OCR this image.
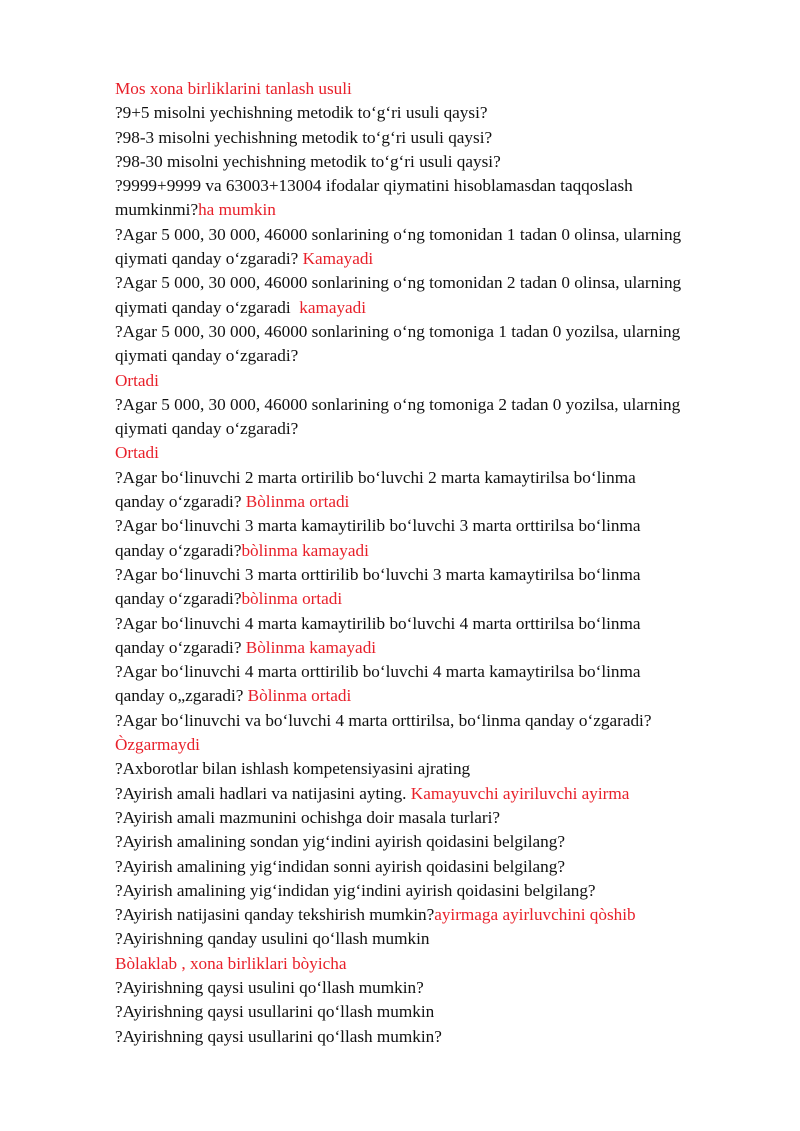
Mos xona birliklarini tanlash usuli
?9+5 misolni yechishning metodik to‘g‘ri usuli qaysi?
?98-3 misolni yechishning metodik to‘g‘ri usuli qaysi?
?98-30 misolni yechishning metodik to‘g‘ri usuli qaysi?
?9999+9999 va 63003+13004 ifodalar qiymatini hisoblamasdan taqqoslash
mumkinmi?ha mumkin
?Agar 5 000, 30 000, 46000 sonlarining o‘ng tomonidan 1 tadan 0 olinsa, ularning
qiymati qanday o‘zgaradi? Kamayadi
?Agar 5 000, 30 000, 46000 sonlarining o‘ng tomonidan 2 tadan 0 olinsa, ularning
qiymati qanday o‘zgaradi  kamayadi
?Agar 5 000, 30 000, 46000 sonlarining o‘ng tomoniga 1 tadan 0 yozilsa, ularning
qiymati qanday o‘zgaradi?
Ortadi
?Agar 5 000, 30 000, 46000 sonlarining o‘ng tomoniga 2 tadan 0 yozilsa, ularning
qiymati qanday o‘zgaradi?
Ortadi
?Agar bo‘linuvchi 2 marta ortirilib bo‘luvchi 2 marta kamaytirilsa bo‘linma
qanday o‘zgaradi? Bòlinma ortadi
?Agar bo‘linuvchi 3 marta kamaytirilib bo‘luvchi 3 marta orttirilsa bo‘linma
qanday o‘zgaradi?bòlinma kamayadi
?Agar bo‘linuvchi 3 marta orttirilib bo‘luvchi 3 marta kamaytirilsa bo‘linma
qanday o‘zgaradi?bòlinma ortadi
?Agar bo‘linuvchi 4 marta kamaytirilib bo‘luvchi 4 marta orttirilsa bo‘linma
qanday o‘zgaradi? Bòlinma kamayadi
?Agar bo‘linuvchi 4 marta orttirilib bo‘luvchi 4 marta kamaytirilsa bo‘linma
qanday o„zgaradi? Bòlinma ortadi
?Agar bo‘linuvchi va bo‘luvchi 4 marta orttirilsa, bo‘linma qanday o‘zgaradi?
Òzgarmaydi
?Axborotlar bilan ishlash kompetensiyasini ajrating
?Ayirish amali hadlari va natijasini ayting. Kamayuvchi ayiriluvchi ayirma
?Ayirish amali mazmunini ochishga doir masala turlari?
?Ayirish amalining sondan yig‘indini ayirish qoidasini belgilang?
?Ayirish amalining yig‘indidan sonni ayirish qoidasini belgilang?
?Ayirish amalining yig‘indidan yig‘indini ayirish qoidasini belgilang?
?Ayirish natijasini qanday tekshirish mumkin?ayirmaga ayirluvchini qòshib
?Ayirishning qanday usulini qo‘llash mumkin
Bòlaklab , xona birliklari bòyicha
?Ayirishning qaysi usulini qo‘llash mumkin?
?Ayirishning qaysi usullarini qo‘llash mumkin
?Ayirishning qaysi usullarini qo‘llash mumkin?
